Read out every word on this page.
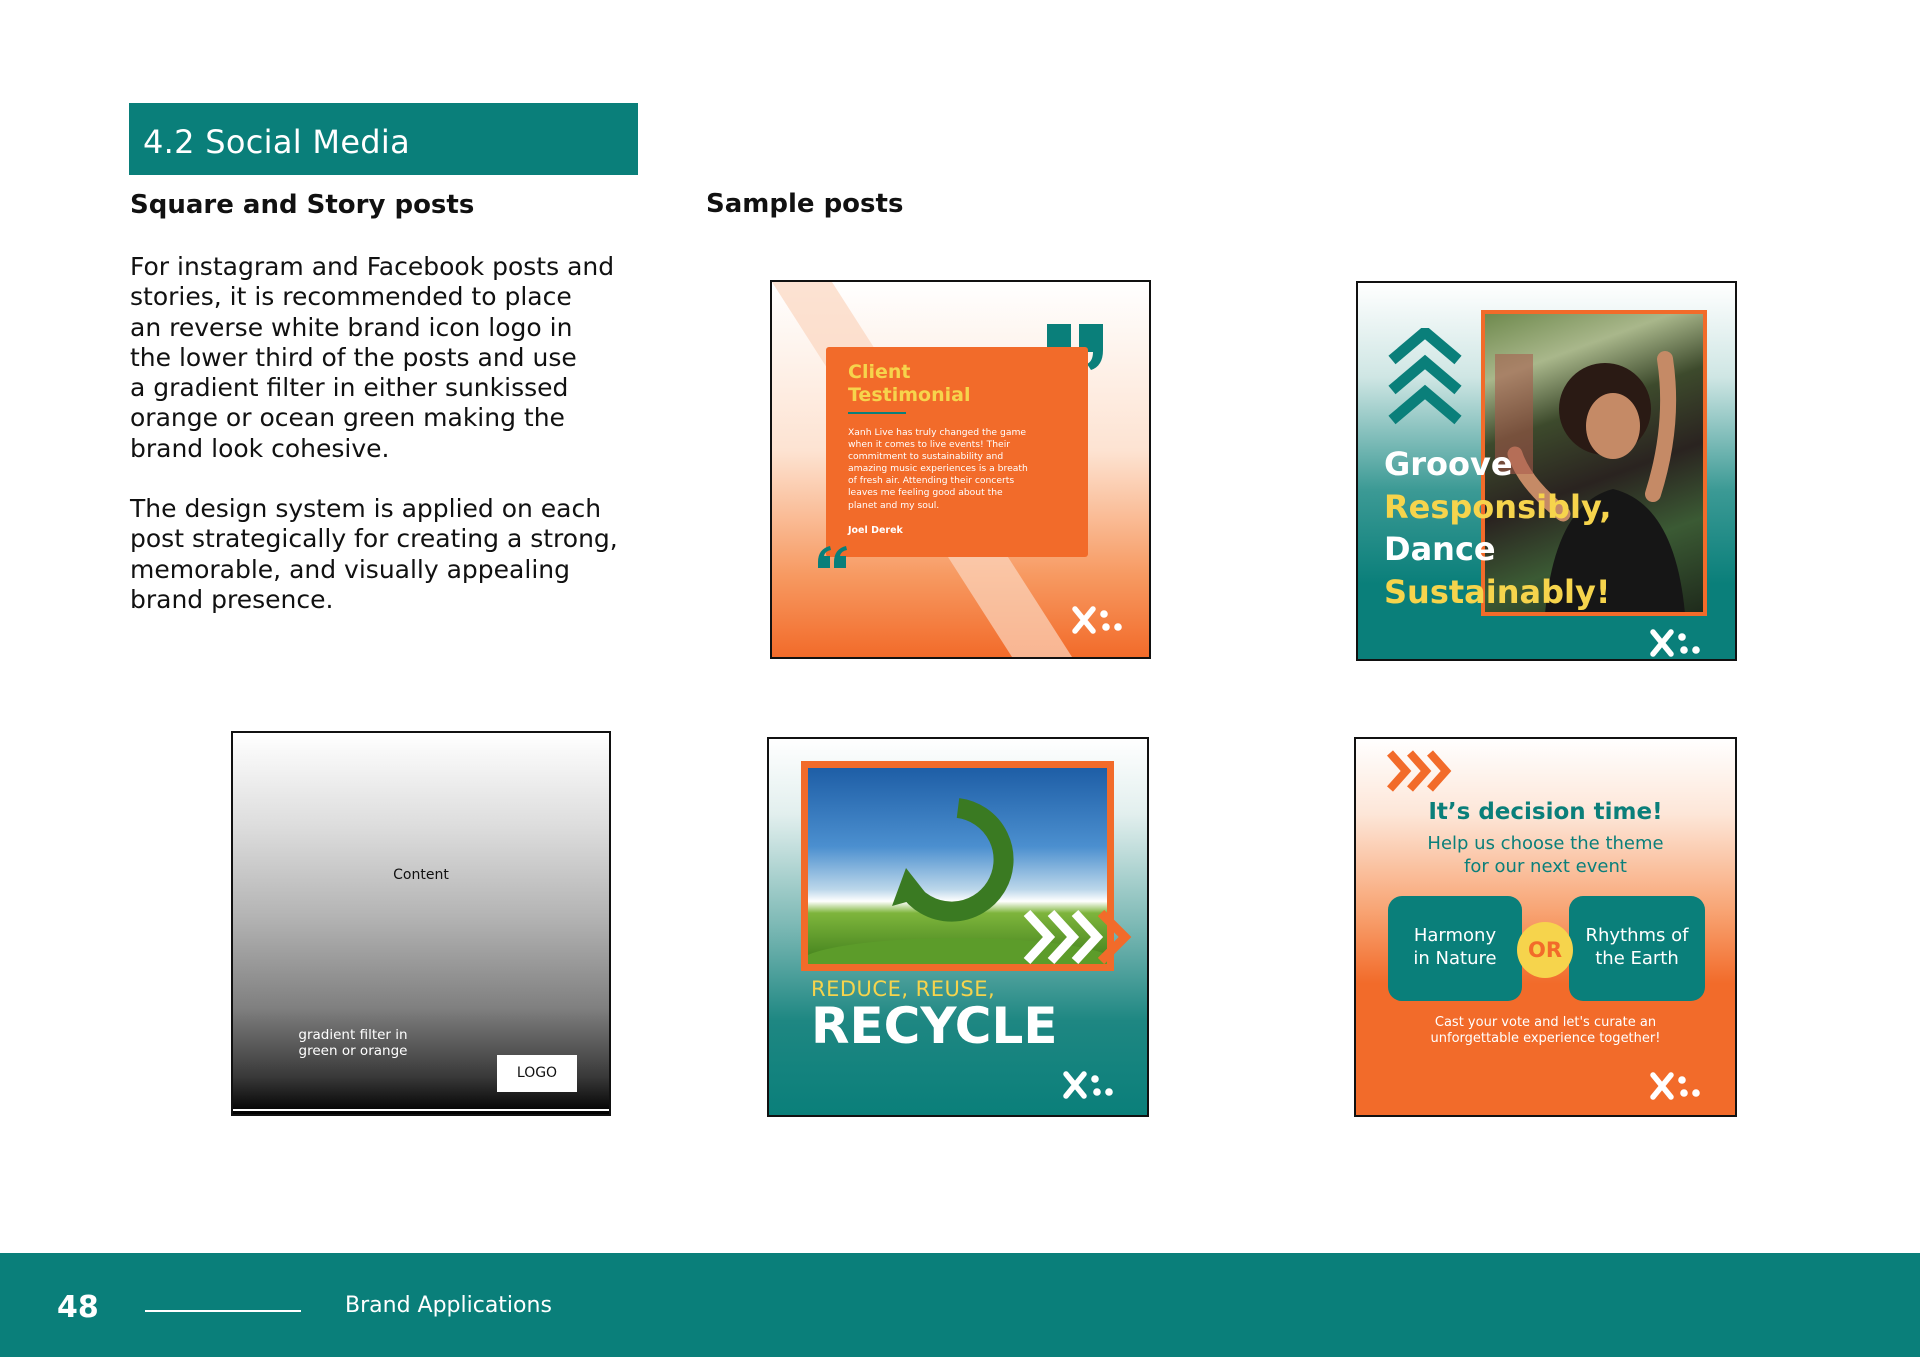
4.2 Social Media
Square and Story posts
For instagram and Facebook posts and
stories, it is recommended to place
an reverse white brand icon logo in
the lower third of the posts and use
a gradient filter in either sunkissed
orange or ocean green making the
brand look cohesive.
The design system is applied on each
post strategically for creating a strong,
memorable, and visually appealing
brand presence.
Sample posts
Client
Testimonial
Xanh Live has truly changed the game
when it comes to live events! Their
commitment to sustainability and
amazing music experiences is a breath
of fresh air. Attending their concerts
leaves me feeling good about the
planet and my soul.
Joel Derek
Groove
Responsibly,
Dance
Sustainably!
Content
gradient filter in
green or orange
LOGO
REDUCE, REUSE,
RECYCLE
It’s decision time!
Help us choose the theme
for our next event
Harmony
in Nature
Rhythms of
the Earth
OR
Cast your vote and let's curate an
unforgettable experience together!
48	Brand Applications
